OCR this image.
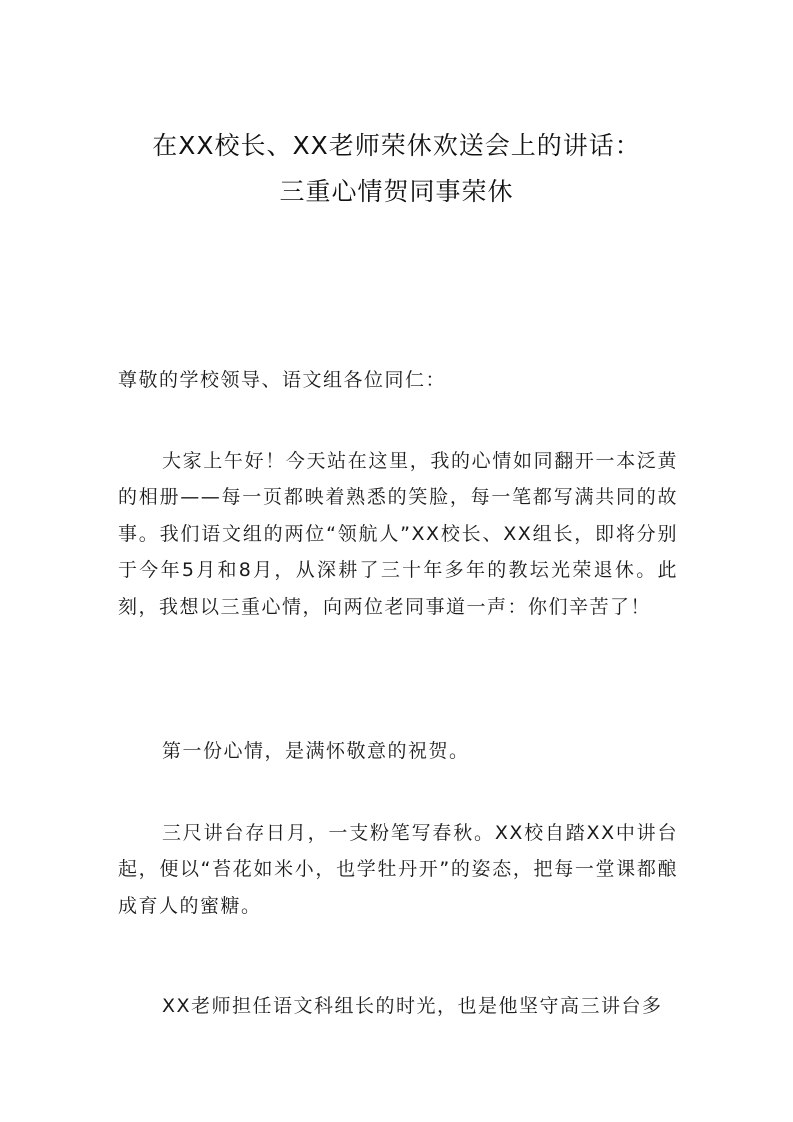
在XX校长、XX老师荣休欢送会上的讲话：
三重心情贺同事荣休

尊敬的学校领导、语文组各位同仁：

大家上午好！今天站在这里，我的心情如同翻开一本泛黄的相册——每一页都映着熟悉的笑脸，每一笔都写满共同的故事。我们语文组的两位“领航人”XX校长、XX组长，即将分别于今年5月和8月，从深耕了三十年多年的教坛光荣退休。此刻，我想以三重心情，向两位老同事道一声：你们辛苦了！

第一份心情，是满怀敬意的祝贺。

三尺讲台存日月，一支粉笔写春秋。XX校自踏XX中讲台起，便以“苔花如米小，也学牡丹开”的姿态，把每一堂课都酿成育人的蜜糖。

XX老师担任语文科组长的时光，也是他坚守高三讲台多
